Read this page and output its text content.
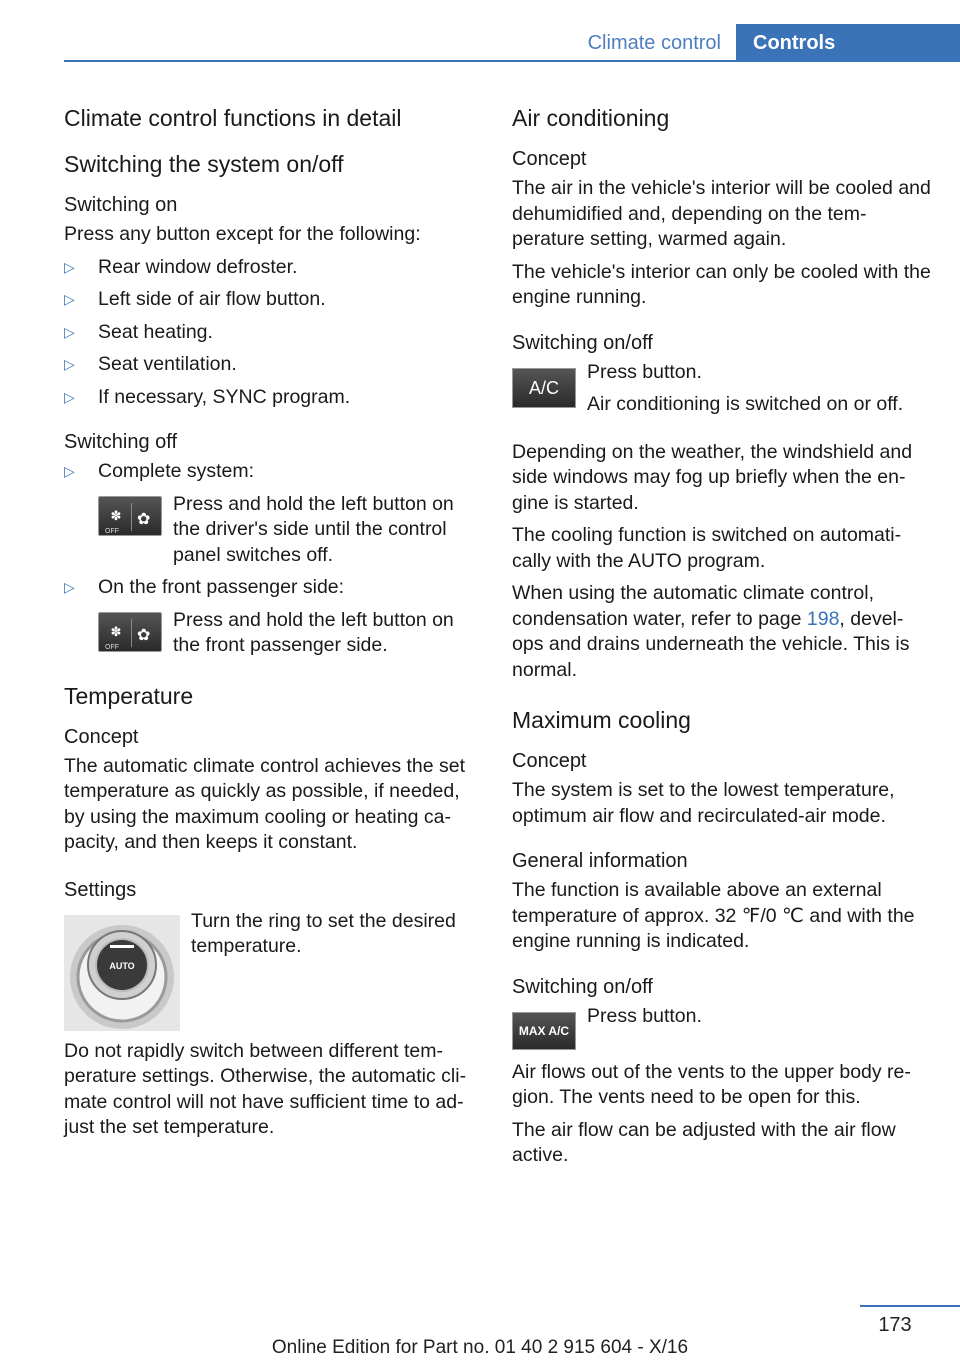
Climate control	Controls
Climate control functions in detail
Switching the system on/off
Switching on

Press any button except for the following:

▷
Rear window defroster.
▷
Left side of air flow button.
▷
Seat heating.
▷
Seat ventilation.
▷
If necessary, SYNC program.
Switching off
▷
Complete system:
✽
OFF
✿
Press and hold the left button on the driver's side until the control panel switches off.
▷
On the front passenger side:
✽
OFF
✿
Press and hold the left button on the front passenger side.
Temperature
Concept

The automatic climate control achieves the set temperature as quickly as possible, if needed, by using the maximum cooling or heating ca‐ pacity, and then keeps it constant.

Settings
AUTO

Turn the ring to set the desired temperature.

Do not rapidly switch between different tem‐ perature settings. Otherwise, the automatic cli‐ mate control will not have sufficient time to ad‐ just the set temperature.

Air conditioning
Concept

The air in the vehicle's interior will be cooled and dehumidified and, depending on the tem‐ perature setting, warmed again.

The vehicle's interior can only be cooled with the engine running.

Switching on/off
A/C

Press button.

Air conditioning is switched on or off.

Depending on the weather, the windshield and side windows may fog up briefly when the en‐ gine is started.

The cooling function is switched on automati‐ cally with the AUTO program.

When using the automatic climate control, condensation water, refer to page 198, devel‐ ops and drains underneath the vehicle. This is normal.

Maximum cooling
Concept

The system is set to the lowest temperature, optimum air flow and recirculated-air mode.

General information

The function is available above an external temperature of approx. 32 ℉/0 ℃ and with the engine running is indicated.

Switching on/off
MAX A/C

Press button.

Air flows out of the vents to the upper body re‐ gion. The vents need to be open for this.

The air flow can be adjusted with the air flow active.

173
Online Edition for Part no. 01 40 2 915 604 - X/16
